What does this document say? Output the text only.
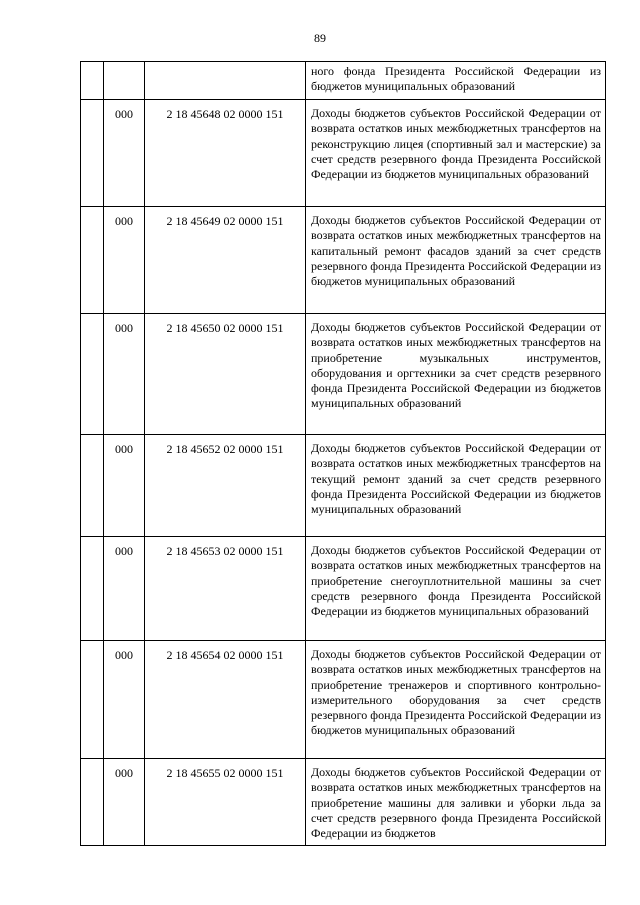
89

			ного фонда Президента Российской Федерации из бюджетов муниципальных образований

	000	2 18 45648 02 0000 151	Доходы бюджетов субъектов Российской Федерации от возврата остатков иных межбюджетных трансфертов на реконструкцию лицея (спортивный зал и мастерские) за счет средств резервного фонда Президента Российской Федерации из бюджетов муниципальных образований

	000	2 18 45649 02 0000 151	Доходы бюджетов субъектов Российской Федерации от возврата остатков иных межбюджетных трансфертов на капитальный ремонт фасадов зданий за счет средств резервного фонда Президента Российской Федерации из бюджетов муниципальных образований

	000	2 18 45650 02 0000 151	Доходы бюджетов субъектов Российской Федерации от возврата остатков иных межбюджетных трансфертов на приобретение музыкальных инструментов, оборудования и оргтехники за счет средств резервного фонда Президента Российской Федерации из бюджетов муниципальных образований

	000	2 18 45652 02 0000 151	Доходы бюджетов субъектов Российской Федерации от возврата остатков иных межбюджетных трансфертов на текущий ремонт зданий за счет средств резервного фонда Президента Российской Федерации из бюджетов муниципальных образований

	000	2 18 45653 02 0000 151	Доходы бюджетов субъектов Российской Федерации от возврата остатков иных межбюджетных трансфертов на приобретение снегоуплотнительной машины за счет средств резервного фонда Президента Российской Федерации из бюджетов муниципальных образований

	000	2 18 45654 02 0000 151	Доходы бюджетов субъектов Российской Федерации от возврата остатков иных межбюджетных трансфертов на приобретение тренажеров и спортивного контрольно-измерительного оборудования за счет средств резервного фонда Президента Российской Федерации из бюджетов муниципальных образований

	000	2 18 45655 02 0000 151	Доходы бюджетов субъектов Российской Федерации от возврата остатков иных межбюджетных трансфертов на приобретение машины для заливки и уборки льда за счет средств резервного фонда Президента Российской Федерации из бюджетов
